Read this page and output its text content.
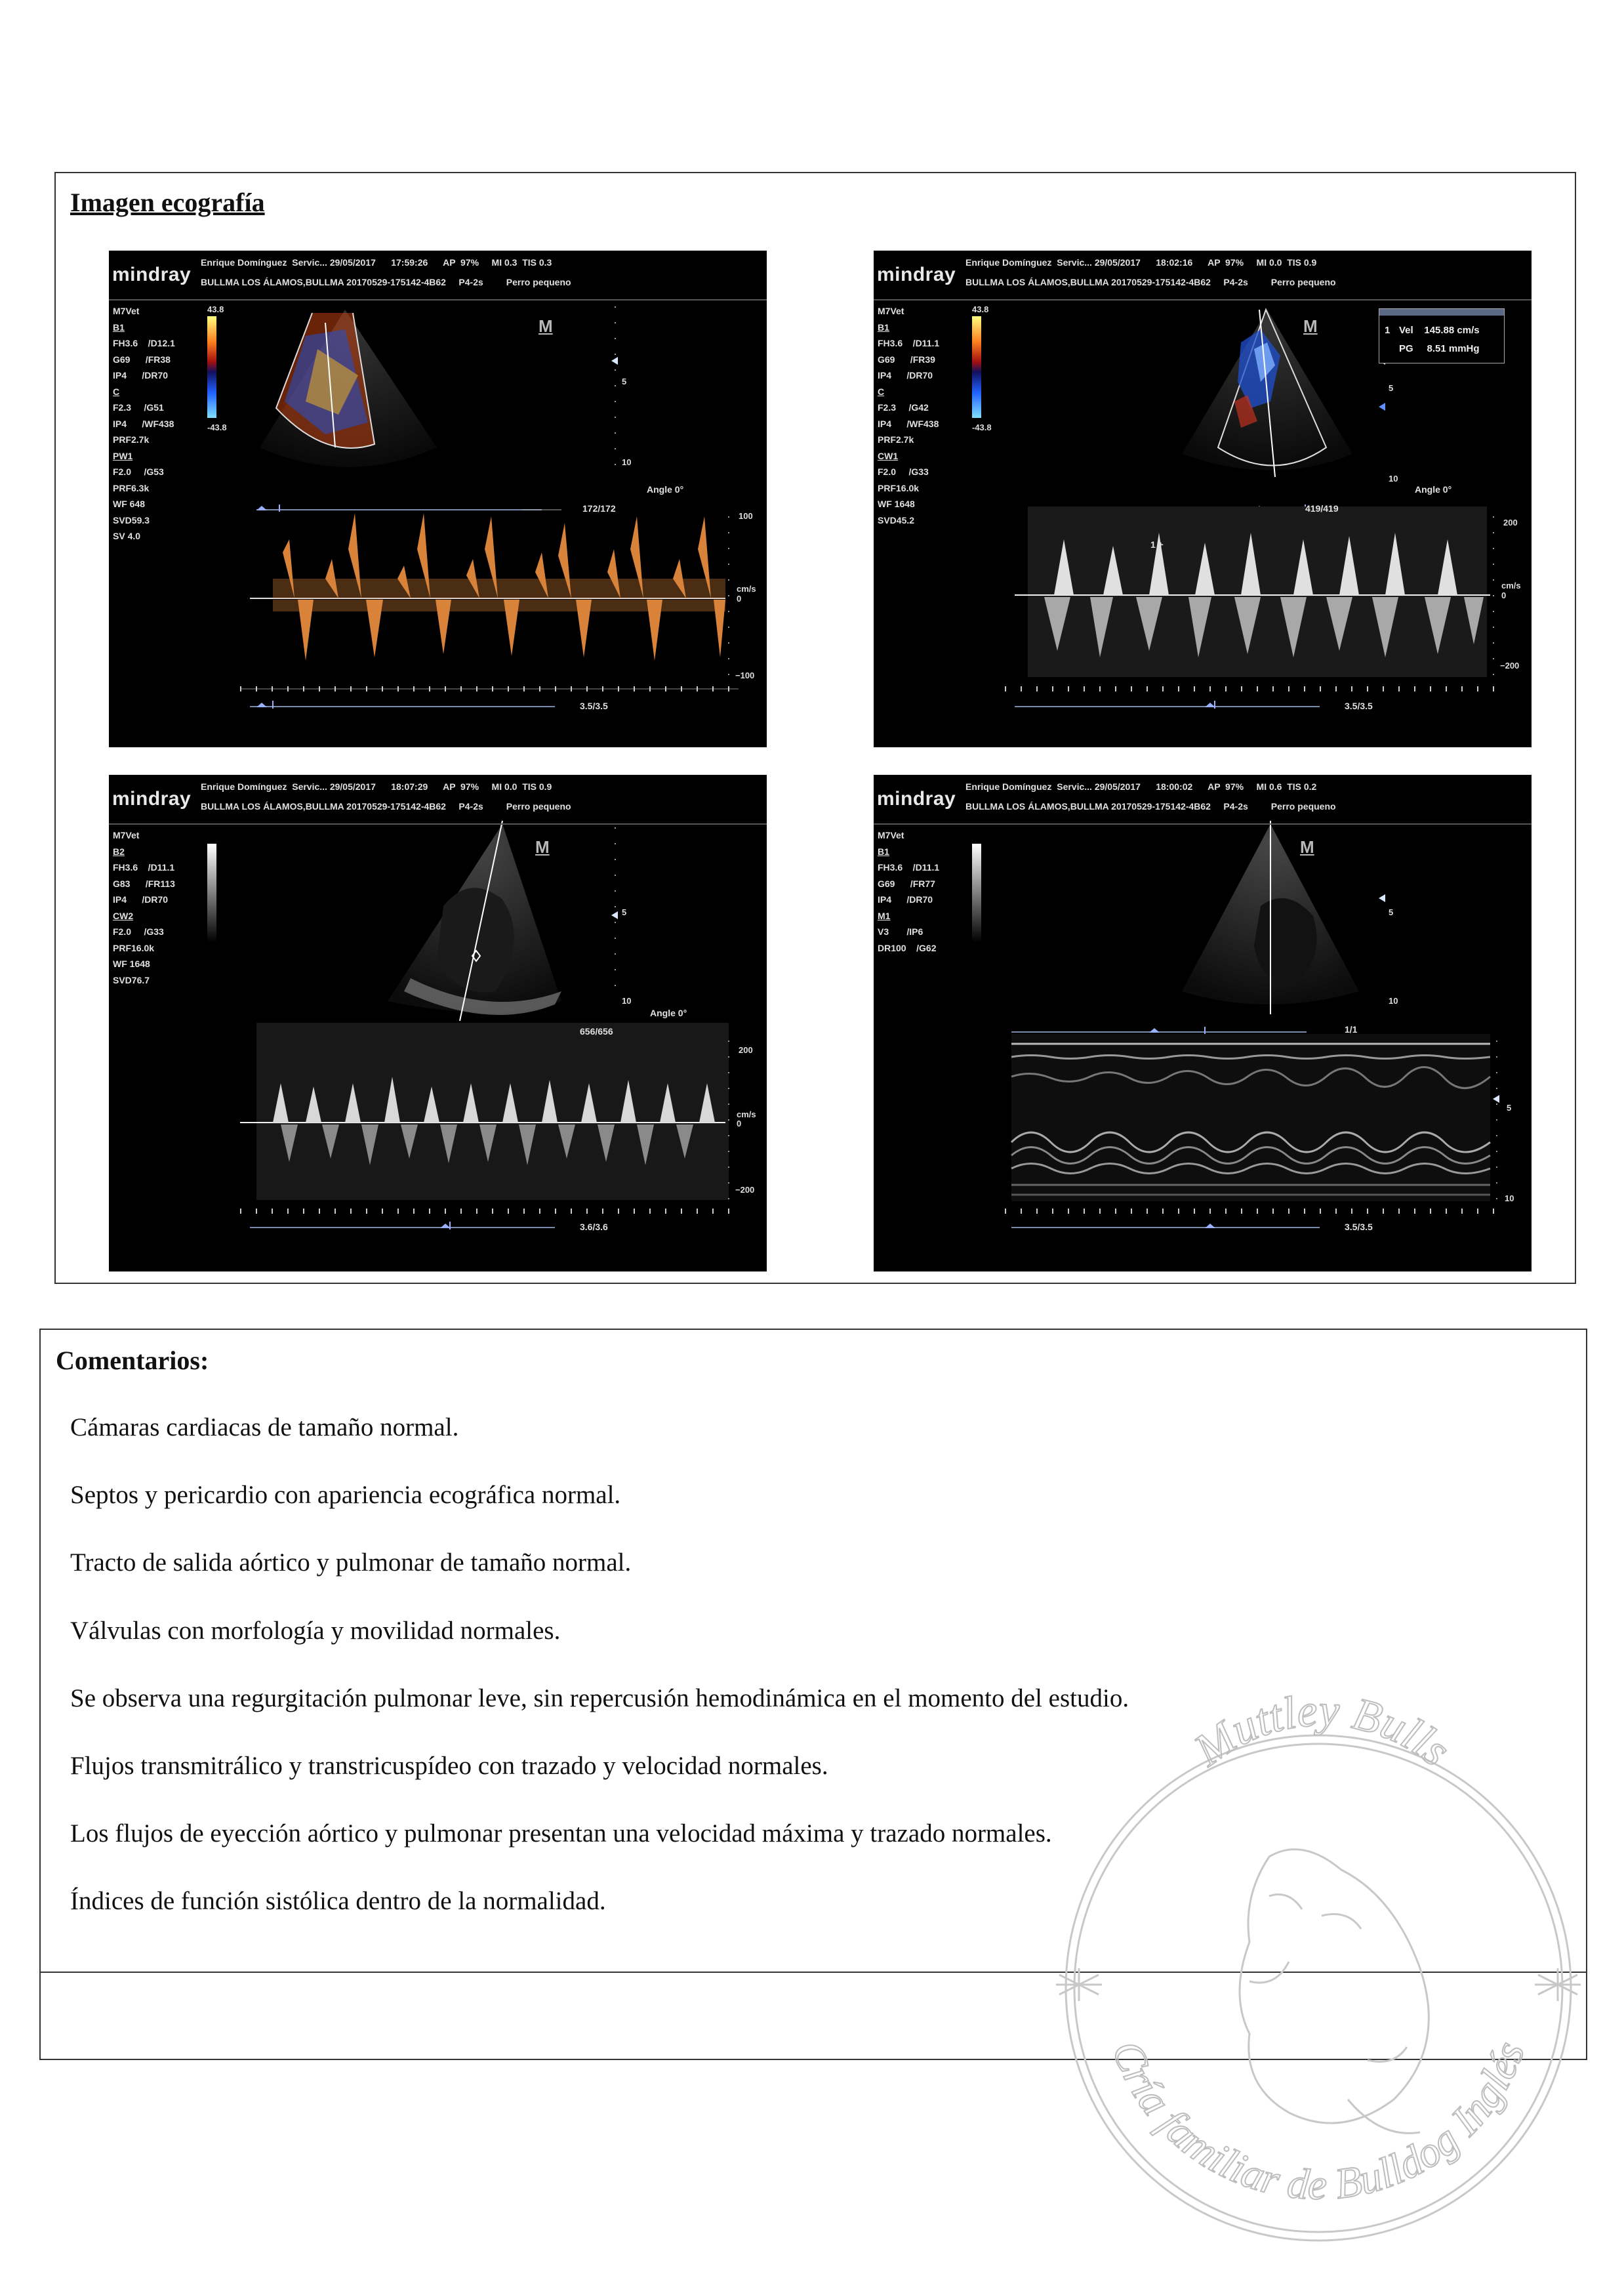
Imagen ecografía
mindray
Enrique Domínguez  Servic... 29/05/2017      17:59:26      AP  97%     MI 0.3  TIS 0.3
BULLMA LOS ÁLAMOS,BULLMA 20170529-175142-4B62     P4-2s         Perro pequeno
M7Vet
B1
FH3.6    /D12.1
G69      /FR38
IP4      /DR70
C
F2.3     /G51
IP4      /WF438
PRF2.7k
PW1
F2.0     /G53
PRF6.3k
WF 648
SVD59.3
SV 4.0
43.8
-43.8
M
5
10
Angle 0°
172/172
100
cm/s
0
−100
3.5/3.5
mindray
Enrique Domínguez  Servic... 29/05/2017      18:02:16      AP  97%     MI 0.0  TIS 0.9
BULLMA LOS ÁLAMOS,BULLMA 20170529-175142-4B62     P4-2s         Perro pequeno
M7Vet
B1
FH3.6    /D11.1
G69      /FR39
IP4      /DR70
C
F2.3     /G42
IP4      /WF438
PRF2.7k
CW1
F2.0     /G33
PRF16.0k
WF 1648
SVD45.2
43.8
-43.8
M	1 Vel    145.88 cm/s
PG     8.51 mmHg
5
10
Angle 0°
419/419
1 +
200
cm/s
0
−200
3.5/3.5
mindray
Enrique Domínguez  Servic... 29/05/2017      18:07:29      AP  97%     MI 0.0  TIS 0.9
BULLMA LOS ÁLAMOS,BULLMA 20170529-175142-4B62     P4-2s         Perro pequeno
M7Vet
B2
FH3.6    /D11.1
G83      /FR113
IP4      /DR70
CW2
F2.0     /G33
PRF16.0k
WF 1648
SVD76.7
M
5
10
Angle 0°
656/656
200
cm/s
0
−200
3.6/3.6
mindray
Enrique Domínguez  Servic... 29/05/2017      18:00:02      AP  97%     MI 0.6  TIS 0.2
BULLMA LOS ÁLAMOS,BULLMA 20170529-175142-4B62     P4-2s         Perro pequeno
M7Vet
B1
FH3.6    /D11.1
G69      /FR77
IP4      /DR70
M1
V3       /IP6
DR100    /G62
M
5
10
1/1
5
10
3.5/3.5
Comentarios:

Cámaras cardiacas de tamaño normal.

Septos y pericardio con apariencia ecográfica normal.

Tracto de salida aórtico y pulmonar de tamaño normal.

Válvulas con morfología y movilidad normales.

Se observa una regurgitación pulmonar leve, sin repercusión hemodinámica en el momento del estudio.

Flujos transmitrálico y transtricuspídeo con trazado y velocidad normales.

Los flujos de eyección aórtico y pulmonar presentan una velocidad máxima y trazado normales.

Índices de función sistólica dentro de la normalidad.

Muttley Bulls
Cría familiar de Bulldog Inglés
